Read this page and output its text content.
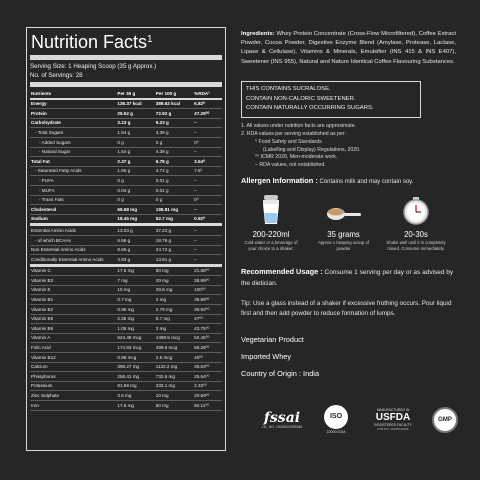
Nutrition Facts$^1$
Serving Size: 1 Heaping Scoop (35 g Approx.)
No. of Servings: 28
Nutrients	Per 35 g	Per 100 g	%RDA²
Energy	136.37 kcal	389.62 kcal	6.82⁰
Protein	25.52 g	72.92 g	47.26⁰⁰
Carbohydrate	3.23 g	9.23 g	–
- Total Sugars	1.54 g	4.39 g	–
- Added Sugars	0 g	0 g	0⁰
- Natural Sugar	1.54 g	4.39 g	–
Total Fat	2.37 g	6.78 g	3.54⁰
- Saturated Fatty Acids	1.65 g	4.71 g	7.5⁰
- PUFA	0 g	0.01 g	–
- MUFA	0.04 g	0.01 g	–
- Trans Fats	0 g	0 g	0⁰
Cholesterol	69.58 mg	198.81 mg	–
Sodium	18.45 mg	52.7 mg	0.92⁰
Essential Amino Acids	13.03 g	37.23 g	–
- of which BCAAs	6.58 g	18.79 g	–
Non Essential Amino Acids	8.65 g	24.72 g	–
Conditionally Essential Amino Acids	4.83 g	13.81 g	–
Vitamin C	17.5 mg	50 mg	21.88⁰⁰
Vitamin B3	7 mg	20 mg	38.89⁰⁰
Vitamin E	10 mg	28.6 mg	100⁰⁰
Vitamin B1	0.7 mg	2 mg	38.89⁰⁰
Vitamin B2	0.95 mg	2.79 mg	36.92⁰⁰
Vitamin B5	2.35 mg	6.7 mg	47⁰⁰
Vitamin B6	1.05 mg	3 mg	43.75⁰⁰
Vitamin A	524.48 mcg	1498.5 mcg	52.45⁰⁰
Folic Acid	174.83 mcg	499.5 mcg	58.28⁰⁰
Vitamin B12	0.88 mcg	2.5 mcg	40⁰⁰
Calcium	396.27 mg	1132.2 mg	39.63⁰⁰
Phosphorus	256.41 mg	732.6 mg	25.64⁰⁰
Potassium	81.59 mg	233.1 mg	2.33⁰⁰
Zinc Sulphate	3.5 mg	10 mg	20.59⁰⁰
Iron	17.5 mg	50 mg	92.11⁰⁰
Ingredients: Whey Protein Concentrate (Cross-Flow Microfiltered), Coffee Extract Powder, Cocoa Powder, Digestive Enzyme Blend (Amylase, Protease, Lactase, Lipase & Cellulase), Vitamins & Minerals, Emulsifier (INS 415 & INS E407), Sweetener (INS 955), Natural and Nature Identical Coffee Flavouring Substances.
THIS CONTAINS SUCRALOSE.
CONTAIN NON-CALORIC SWEETENER.
CONTAIN NATURALLY OCCURRING SUGARS.
1. All values under nutrition facts are approximate.
2. RDA values per serving established as per:
⁰ Food Safety and Standards
(Labelling and Display) Regulations, 2020.
⁰⁰ ICMR 2020, Men-moderate work.
– RDA values, not established.
Allergen Information : Contains milk and may contain soy.
200-220ml
Cold water or a beverage of your choice to a shaker.
35 grams
Approx 1 heaping scoop of powder
20-30s
Shake well until it is completely mixed. Consume immediately.
Recommended Usage : Consume 1 serving per day or as advised by the dietician.
Tip: Use a glass instead of a shaker if excessive frothing occurs. Pour liquid first and then add powder to reduce formation of lumps.
Vegetarian Product
Imported Whey
Country of Origin : India
fssai
LIC. NO. 10019022009346
ISO
22000:2018
MANUFACTURED IN
USFDA
REGISTERED FACILITY
FFR NO. 13258744466
GMP
